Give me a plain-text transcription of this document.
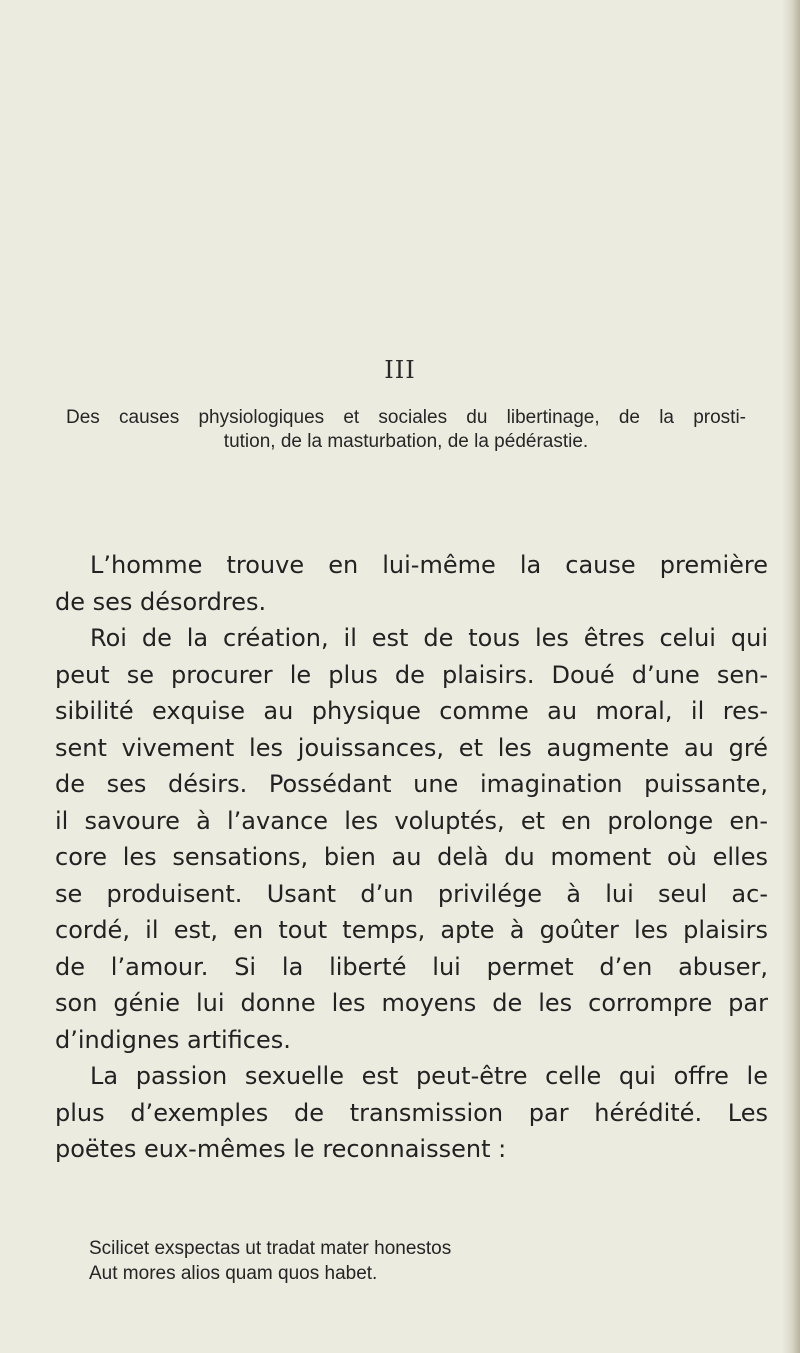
III
Des causes physiologiques et sociales du libertinage, de la prosti-
tution, de la masturbation, de la pédérastie.
L’homme trouve en lui-même la cause première
de ses désordres.
Roi de la création, il est de tous les êtres celui qui
peut se procurer le plus de plaisirs. Doué d’une sen-
sibilité exquise au physique comme au moral, il res-
sent vivement les jouissances, et les augmente au gré
de ses désirs. Possédant une imagination puissante,
il savoure à l’avance les voluptés, et en prolonge en-
core les sensations, bien au delà du moment où elles
se produisent. Usant d’un privilége à lui seul ac-
cordé, il est, en tout temps, apte à goûter les plaisirs
de l’amour. Si la liberté lui permet d’en abuser,
son génie lui donne les moyens de les corrompre par
d’indignes artifices.
La passion sexuelle est peut-être celle qui offre le
plus d’exemples de transmission par hérédité. Les
poëtes eux-mêmes le reconnaissent :
Scilicet exspectas ut tradat mater honestos
Aut mores alios quam quos habet.
